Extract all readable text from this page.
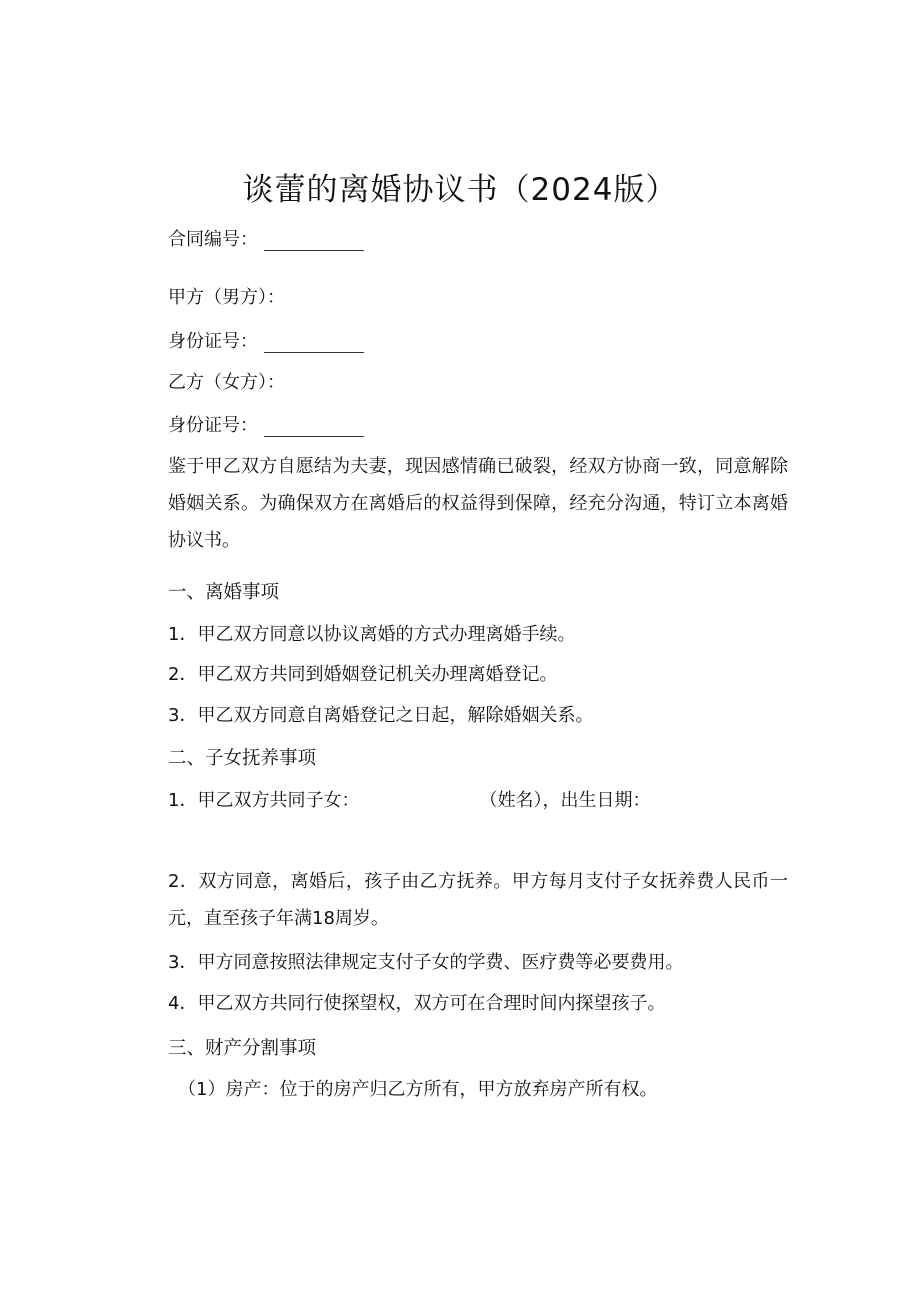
谈蕾的离婚协议书（2024版）
合同编号：
甲方（男方）：
身份证号：
乙方（女方）：
身份证号：
鉴于甲乙双方自愿结为夫妻，现因感情确已破裂，经双方协商一致，同意解除婚姻关系。为确保双方在离婚后的权益得到保障，经充分沟通，特订立本离婚协议书。
一、离婚事项
1．甲乙双方同意以协议离婚的方式办理离婚手续。
2．甲乙双方共同到婚姻登记机关办理离婚登记。
3．甲乙双方同意自离婚登记之日起，解除婚姻关系。
二、子女抚养事项
1．甲乙双方共同子女：	（姓名），出生日期：
2．双方同意，离婚后，孩子由乙方抚养。甲方每月支付子女抚养费人民币一元，直至孩子年满18周岁。
3．甲方同意按照法律规定支付子女的学费、医疗费等必要费用。
4．甲乙双方共同行使探望权，双方可在合理时间内探望孩子。
三、财产分割事项
（1）房产：位于的房产归乙方所有，甲方放弃房产所有权。
